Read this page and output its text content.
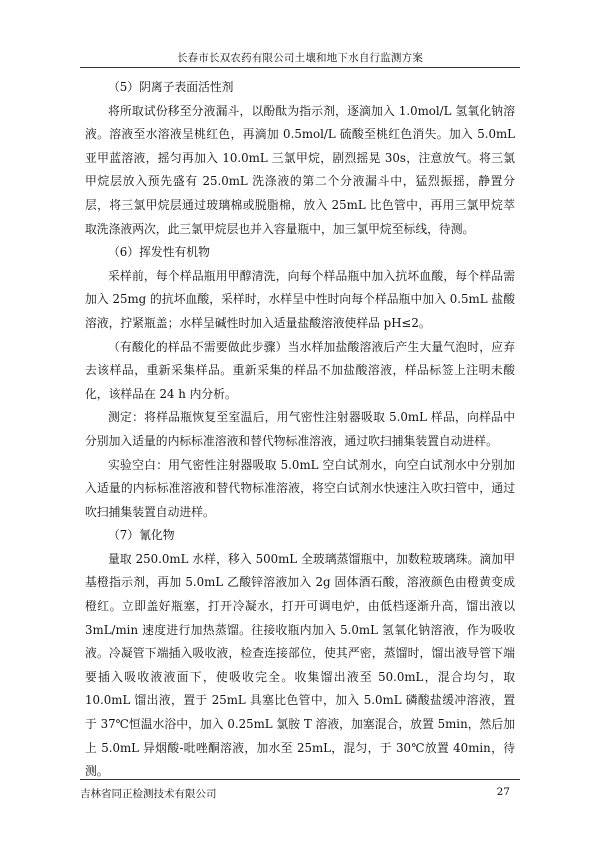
长春市长双农药有限公司土壤和地下水自行监测方案

（5）阴离子表面活性剂

将所取试份移至分液漏斗，以酚酞为指示剂，逐滴加入 1.0mol/L 氢氧化钠溶液。溶液至水溶液呈桃红色，再滴加 0.5mol/L 硫酸至桃红色消失。加入 5.0mL 亚甲蓝溶液，摇匀再加入 10.0mL 三氯甲烷，剧烈摇晃 30s，注意放气。将三氯甲烷层放入预先盛有 25.0mL 洗涤液的第二个分液漏斗中，猛烈振摇，静置分层，将三氯甲烷层通过玻璃棉或脱脂棉，放入 25mL 比色管中，再用三氯甲烷萃取洗涤液两次，此三氯甲烷层也并入容量瓶中，加三氯甲烷至标线，待测。

（6）挥发性有机物

采样前，每个样品瓶用甲醇清洗，向每个样品瓶中加入抗坏血酸，每个样品需加入 25mg 的抗坏血酸，采样时，水样呈中性时向每个样品瓶中加入 0.5mL 盐酸溶液，拧紧瓶盖；水样呈碱性时加入适量盐酸溶液使样品 pH≤2。

（有酸化的样品不需要做此步骤）当水样加盐酸溶液后产生大量气泡时，应弃去该样品，重新采集样品。重新采集的样品不加盐酸溶液，样品标签上注明未酸化，该样品在 24 h 内分析。

测定：将样品瓶恢复至室温后，用气密性注射器吸取 5.0mL 样品，向样品中分别加入适量的内标标准溶液和替代物标准溶液，通过吹扫捕集装置自动进样。

实验空白：用气密性注射器吸取 5.0mL 空白试剂水，向空白试剂水中分别加入适量的内标标准溶液和替代物标准溶液，将空白试剂水快速注入吹扫管中，通过吹扫捕集装置自动进样。

（7）氰化物

量取 250.0mL 水样，移入 500mL 全玻璃蒸馏瓶中，加数粒玻璃珠。滴加甲基橙指示剂，再加 5.0mL 乙酸锌溶液加入 2g 固体酒石酸，溶液颜色由橙黄变成橙红。立即盖好瓶塞，打开冷凝水，打开可调电炉，由低档逐渐升高，馏出液以 3mL/min 速度进行加热蒸馏。往接收瓶内加入 5.0mL 氢氧化钠溶液，作为吸收液。冷凝管下端插入吸收液，检查连接部位，使其严密，蒸馏时，馏出液导管下端要插入吸收液液面下，使吸收完全。收集馏出液至 50.0mL，混合均匀，取 10.0mL 馏出液，置于 25mL 具塞比色管中，加入 5.0mL 磷酸盐缓冲溶液，置于 37℃恒温水浴中，加入 0.25mL 氯胺 T 溶液，加塞混合，放置 5min，然后加上 5.0mL 异烟酸-吡唑酮溶液，加水至 25mL，混匀，于 30℃放置 40min，待测。

吉林省同正检测技术有限公司	27
